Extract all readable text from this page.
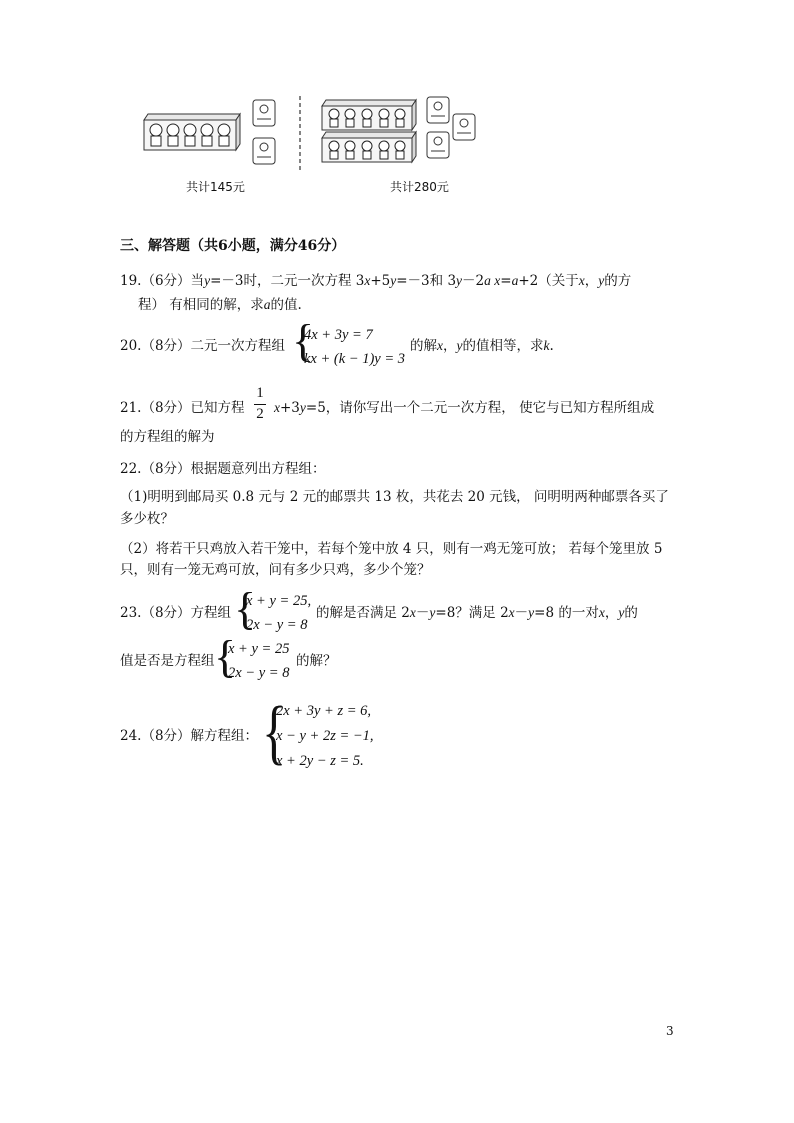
共计145元	共计280元
三、解答题（共6小题，满分46分）
19.（6分）当y=－3时，二元一次方程 3x+5y=－3和 3y－2a x=a+2（关于x，y的方
程） 有相同的解，求a的值.
20.（8分）二元一次方程组 {
4x + 3y = 7
kx + (k − 1)y = 3
的解x，y的值相等，求k.
21.（8分）已知方程
1
2 x+3y=5，请你写出一个二元一次方程， 使它与已知方程所组成
的方程组的解为
22.（8分）根据题意列出方程组：
（1)明明到邮局买 0.8 元与 2 元的邮票共 13 枚，共花去 20 元钱， 问明明两种邮票各买了
多少枚？
（2）将若干只鸡放入若干笼中，若每个笼中放 4 只，则有一鸡无笼可放； 若每个笼里放 5
只，则有一笼无鸡可放，问有多少只鸡，多少个笼？
23.（8分）方程组 {
x + y = 25,
2x − y = 8
的解是否满足 2x－y=8？满足 2x－y=8 的一对x，y的
值是否是方程组 {
x + y = 25
2x − y = 8
的解？
24.（8分）解方程组： {
2x + 3y + z = 6,
x − y + 2z = −1,
x + 2y − z = 5.
3
